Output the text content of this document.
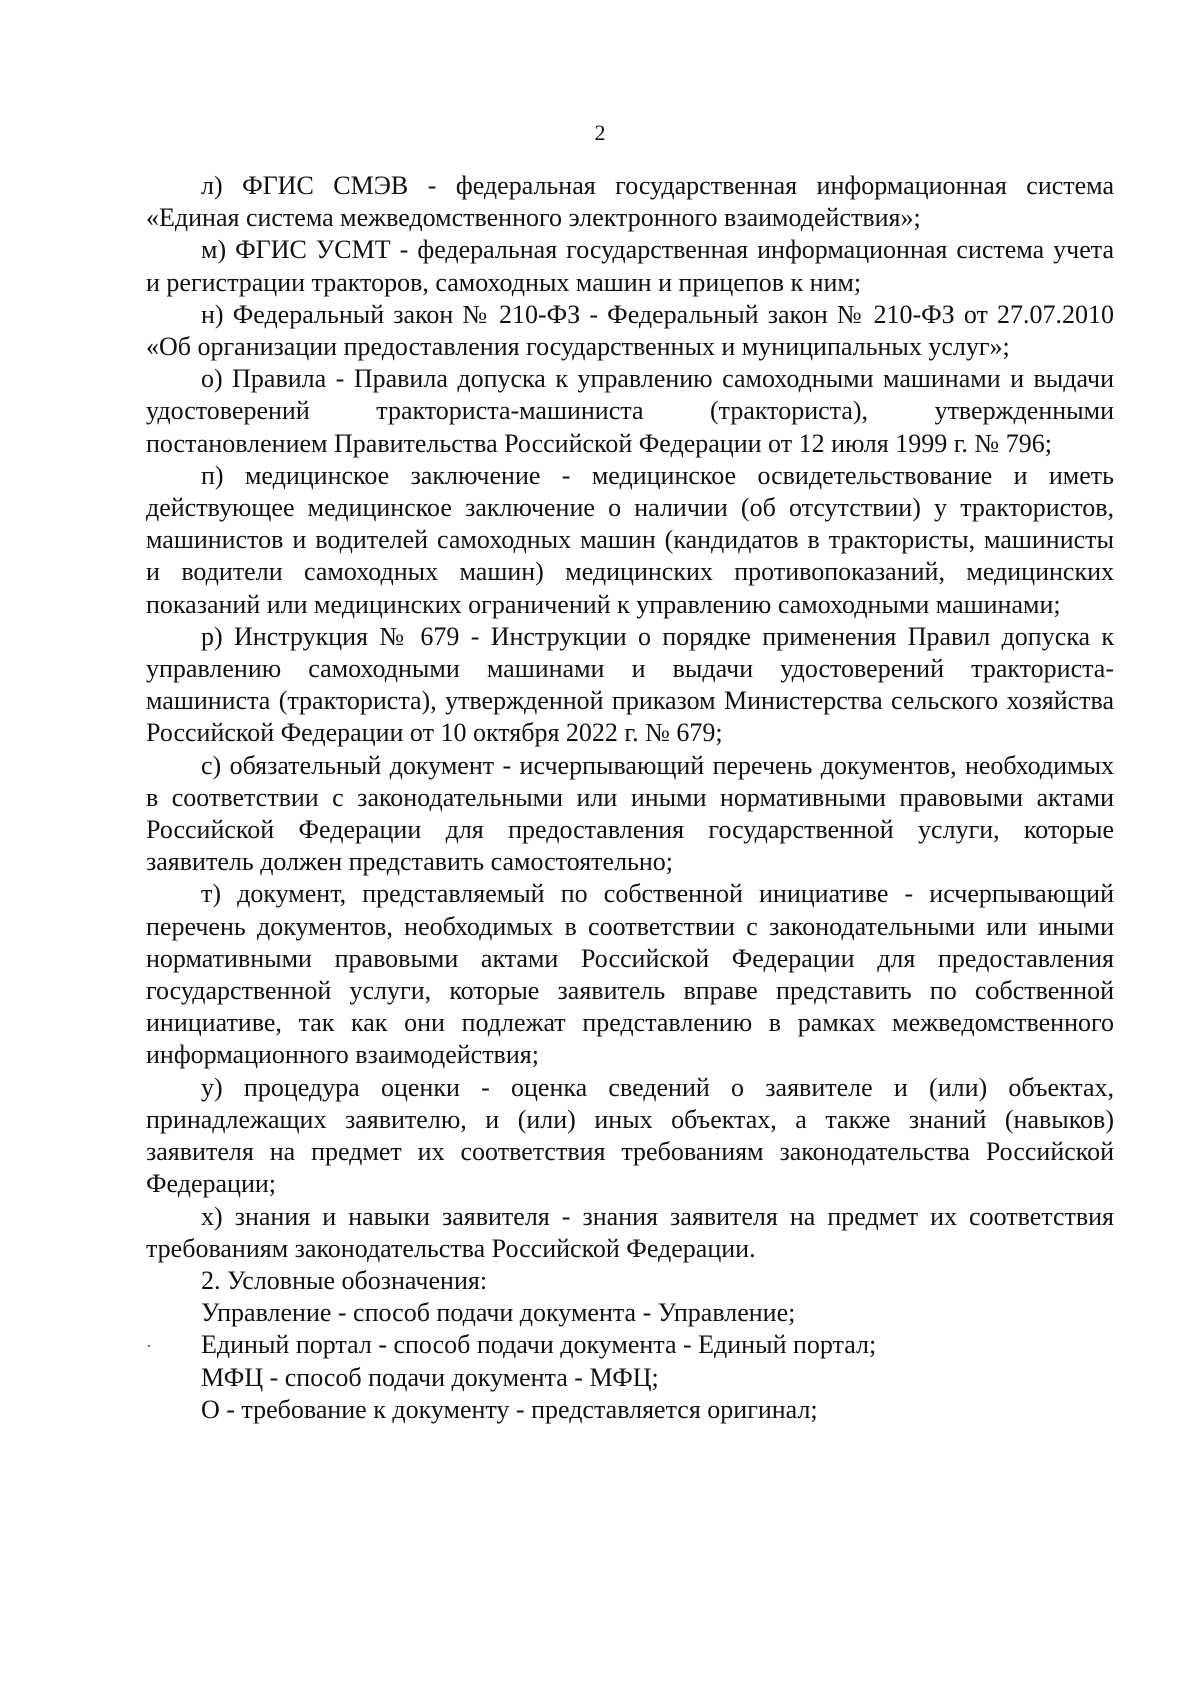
2

л) ФГИС СМЭВ - федеральная государственная информационная система «Единая система межведомственного электронного взаимодействия»;

м) ФГИС УСМТ - федеральная государственная информационная система учета и регистрации тракторов, самоходных машин и прицепов к ним;

н) Федеральный закон № 210-ФЗ - Федеральный закон № 210-ФЗ от 27.07.2010 «Об организации предоставления государственных и муниципальных услуг»;

о) Правила - Правила допуска к управлению самоходными машинами и выдачи удостоверений тракториста-машиниста (тракториста), утвержденными постановлением Правительства Российской Федерации от 12 июля 1999 г. № 796;

п) медицинское заключение - медицинское освидетельствование и иметь действующее медицинское заключение о наличии (об отсутствии) у трактористов, машинистов и водителей самоходных машин (кандидатов в трактористы, машинисты и водители самоходных машин) медицинских противопоказаний, медицинских показаний или медицинских ограничений к управлению самоходными машинами;

р) Инструкция № 679 - Инструкции о порядке применения Правил допуска к управлению самоходными машинами и выдачи удостоверений тракториста-машиниста (тракториста), утвержденной приказом Министерства сельского хозяйства Российской Федерации от 10 октября 2022 г. № 679;

с) обязательный документ - исчерпывающий перечень документов, необходимых в соответствии с законодательными или иными нормативными правовыми актами Российской Федерации для предоставления государственной услуги, которые заявитель должен представить самостоятельно;

т) документ, представляемый по собственной инициативе - исчерпывающий перечень документов, необходимых в соответствии с законодательными или иными нормативными правовыми актами Российской Федерации для предоставления государственной услуги, которые заявитель вправе представить по собственной инициативе, так как они подлежат представлению в рамках межведомственного информационного взаимодействия;

у) процедура оценки - оценка сведений о заявителе и (или) объектах, принадлежащих заявителю, и (или) иных объектах, а также знаний (навыков) заявителя на предмет их соответствия требованиям законодательства Российской Федерации;

х) знания и навыки заявителя - знания заявителя на предмет их соответствия требованиям законодательства Российской Федерации.

2. Условные обозначения:

Управление - способ подачи документа - Управление;

Единый портал - способ подачи документа - Единый портал;

МФЦ - способ подачи документа - МФЦ;

О - требование к документу - представляется оригинал;
